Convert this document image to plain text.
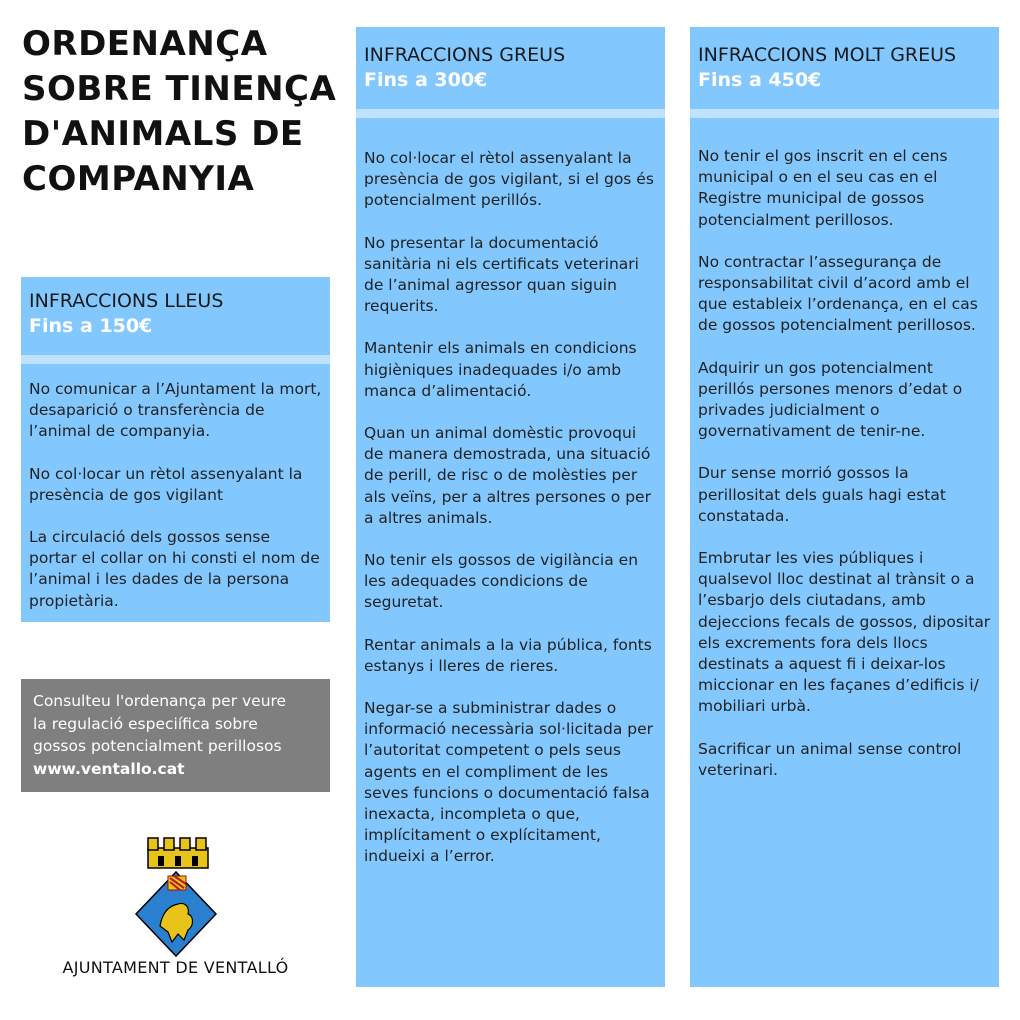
ORDENANÇA SOBRE TINENÇA D'ANIMALS DE COMPANYIA
INFRACCIONS LLEUS
Fins a 150€
No comunicar a l’Ajuntament la mort, desaparició o transferència de l’animal de companyia.
No col·locar un rètol assenyalant la presència de gos vigilant
La circulació dels gossos sense portar el collar on hi consti el nom de l’animal i les dades de la persona propietària.
INFRACCIONS GREUS
Fins a 300€
No col·locar el rètol assenyalant la presència de gos vigilant, si el gos és potencialment perillós.
No presentar la documentació sanitària ni els certificats veterinari de l’animal agressor quan siguin requerits.
Mantenir els animals en condicions higièniques inadequades i/o amb manca d’alimentació.
Quan un animal domèstic provoqui de manera demostrada, una situació de perill, de risc o de molèsties per als veïns, per a altres persones o per a altres animals.
No tenir els gossos de vigilància en les adequades condicions de seguretat.
Rentar animals a la via pública, fonts estanys i lleres de rieres.
Negar-se a subministrar dades o informació necessària sol·licitada per l’autoritat competent o pels seus agents en el compliment de les seves funcions o documentació falsa inexacta, incompleta o que, implícitament o explícitament, indueixi a l’error.
INFRACCIONS MOLT GREUS
Fins a 450€
No tenir el gos inscrit en el cens municipal o en el seu cas en el Registre municipal de gossos potencialment perillosos.
No contractar l’assegurança de responsabilitat civil d’acord amb el que estableix l’ordenança, en el cas de gossos potencialment perillosos.
Adquirir un gos potencialment perillós persones menors d’edat o privades judicialment o governativament de tenir-ne.
Dur sense morrió gossos la perillositat dels guals hagi estat constatada.
Embrutar les vies públiques i qualsevol lloc destinat al trànsit o a l’esbarjo dels ciutadans, amb dejeccions fecals de gossos, dipositar els excrements fora dels llocs destinats a aquest fi i deixar-los miccionar en les façanes d’edificis i/ mobiliari urbà.
Sacrificar un animal sense control veterinari.
Consulteu l'ordenança per veure
la regulació especiífica sobre
gossos potencialment perillosos
www.ventallo.cat
AJUNTAMENT DE VENTALLÓ
